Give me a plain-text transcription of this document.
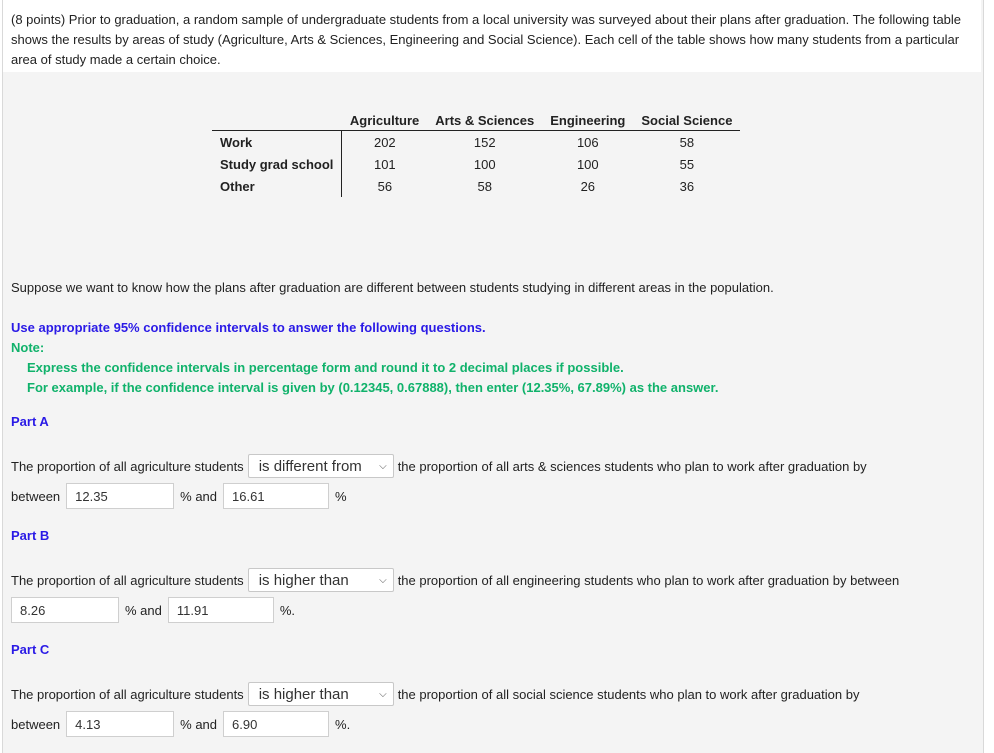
(8 points) Prior to graduation, a random sample of undergraduate students from a local university was surveyed about their plans after graduation. The following table shows the results by areas of study (Agriculture, Arts & Sciences, Engineering and Social Science). Each cell of the table shows how many students from a particular area of study made a certain choice.

	Agriculture	Arts & Sciences	Engineering	Social Science
Work	202	152	106	58
Study grad school	101	100	100	55
Other	56	58	26	36
Suppose we want to know how the plans after graduation are different between students studying in different areas in the population.
Use appropriate 95% confidence intervals to answer the following questions.
Note:
Express the confidence intervals in percentage form and round it to 2 decimal places if possible.
For example, if the confidence interval is given by (0.12345, 0.67888), then enter (12.35%, 67.89%) as the answer.
Part A
The proportion of all agriculture students is different from ⌵ the proportion of all arts & sciences students who plan to work after graduation by
between	12.35	% and	16.61	%
Part B
The proportion of all agriculture students is higher than	⌵ the proportion of all engineering students who plan to work after graduation by between
8.26	% and	11.91	%.
Part C
The proportion of all agriculture students is higher than	⌵ the proportion of all social science students who plan to work after graduation by
between	4.13	% and	6.90	%.
